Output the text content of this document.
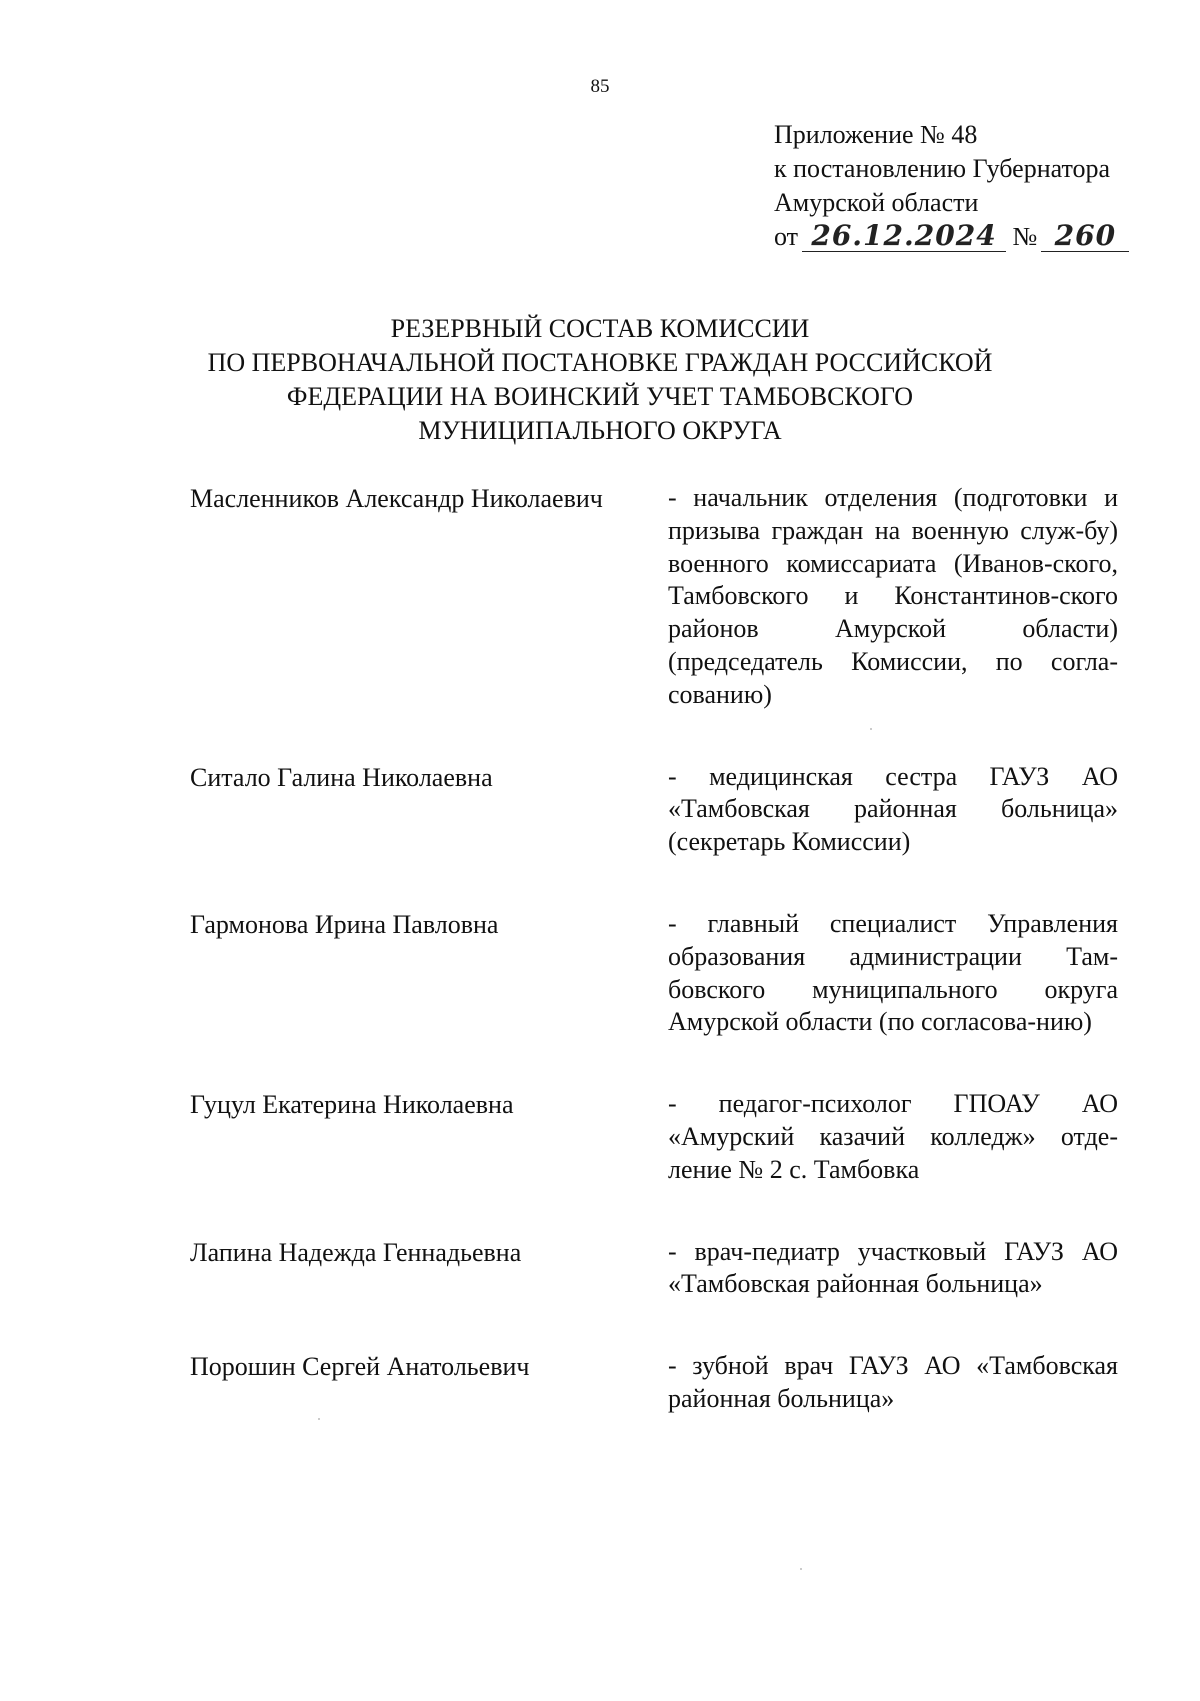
85
Приложение № 48
к постановлению Губернатора
Амурской области
от 26.12.2024 № 260
РЕЗЕРВНЫЙ СОСТАВ КОМИССИИ
ПО ПЕРВОНАЧАЛЬНОЙ ПОСТАНОВКЕ ГРАЖДАН РОССИЙСКОЙ
ФЕДЕРАЦИИ НА ВОИНСКИЙ УЧЕТ ТАМБОВСКОГО
МУНИЦИПАЛЬНОГО ОКРУГА
Масленников Александр Николаевич	- начальник отделения (подготовки и призыва граждан на военную служ-бу) военного комиссариата (Иванов-ского, Тамбовского и Константинов-ского районов Амурской области) (председатель Комиссии, по согла-сованию)
Ситало Галина Николаевна	- медицинская сестра ГАУЗ АО «Тамбовская районная больница» (секретарь Комиссии)
Гармонова Ирина Павловна	- главный специалист Управления образования администрации Там-бовского муниципального округа Амурской области (по согласова-нию)
Гуцул Екатерина Николаевна	- педагог-психолог ГПОАУ АО «Амурский казачий колледж» отде-ление № 2 с. Тамбовка
Лапина Надежда Геннадьевна	- врач-педиатр участковый ГАУЗ АО «Тамбовская районная больница»
Порошин Сергей Анатольевич	- зубной врач ГАУЗ АО «Тамбовская районная больница»
